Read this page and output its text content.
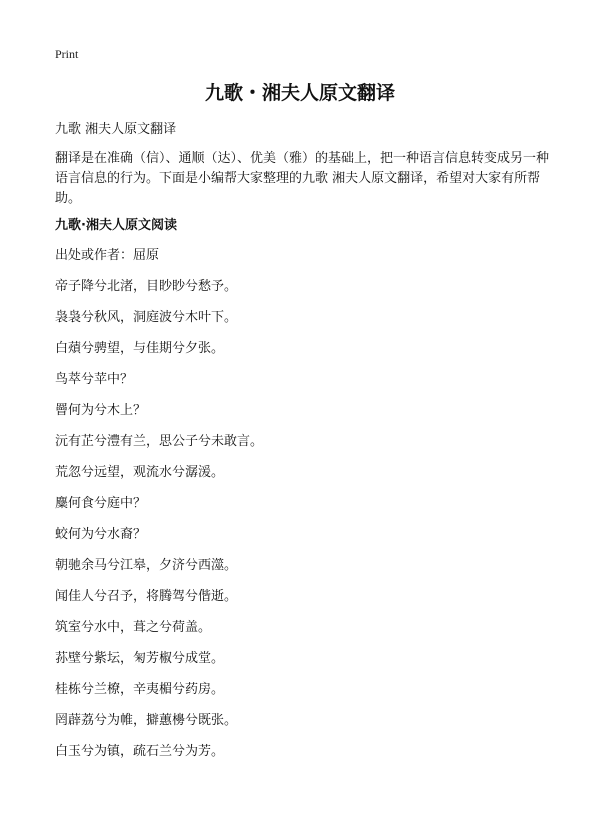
Print
九歌・湘夫人原文翻译

九歌 湘夫人原文翻译

翻译是在准确（信）、通顺（达）、优美（雅）的基础上，把一种语言信息转变成另一种语言信息的行为。下面是小编帮大家整理的九歌 湘夫人原文翻译，希望对大家有所帮助。

九歌·湘夫人原文阅读

出处或作者：屈原

帝子降兮北渚，目眇眇兮愁予。

袅袅兮秋风，洞庭波兮木叶下。

白薠兮骋望，与佳期兮夕张。

鸟萃兮苹中？

罾何为兮木上？

沅有芷兮澧有兰，思公子兮未敢言。

荒忽兮远望，观流水兮潺湲。

麋何食兮庭中？

蛟何为兮水裔？

朝驰余马兮江皋，夕济兮西澨。

闻佳人兮召予，将腾驾兮偕逝。

筑室兮水中，葺之兮荷盖。

荪壁兮紫坛，匊芳椒兮成堂。

桂栋兮兰橑，辛夷楣兮药房。

罔薜荔兮为帷，擗蕙櫋兮既张。

白玉兮为镇，疏石兰兮为芳。
